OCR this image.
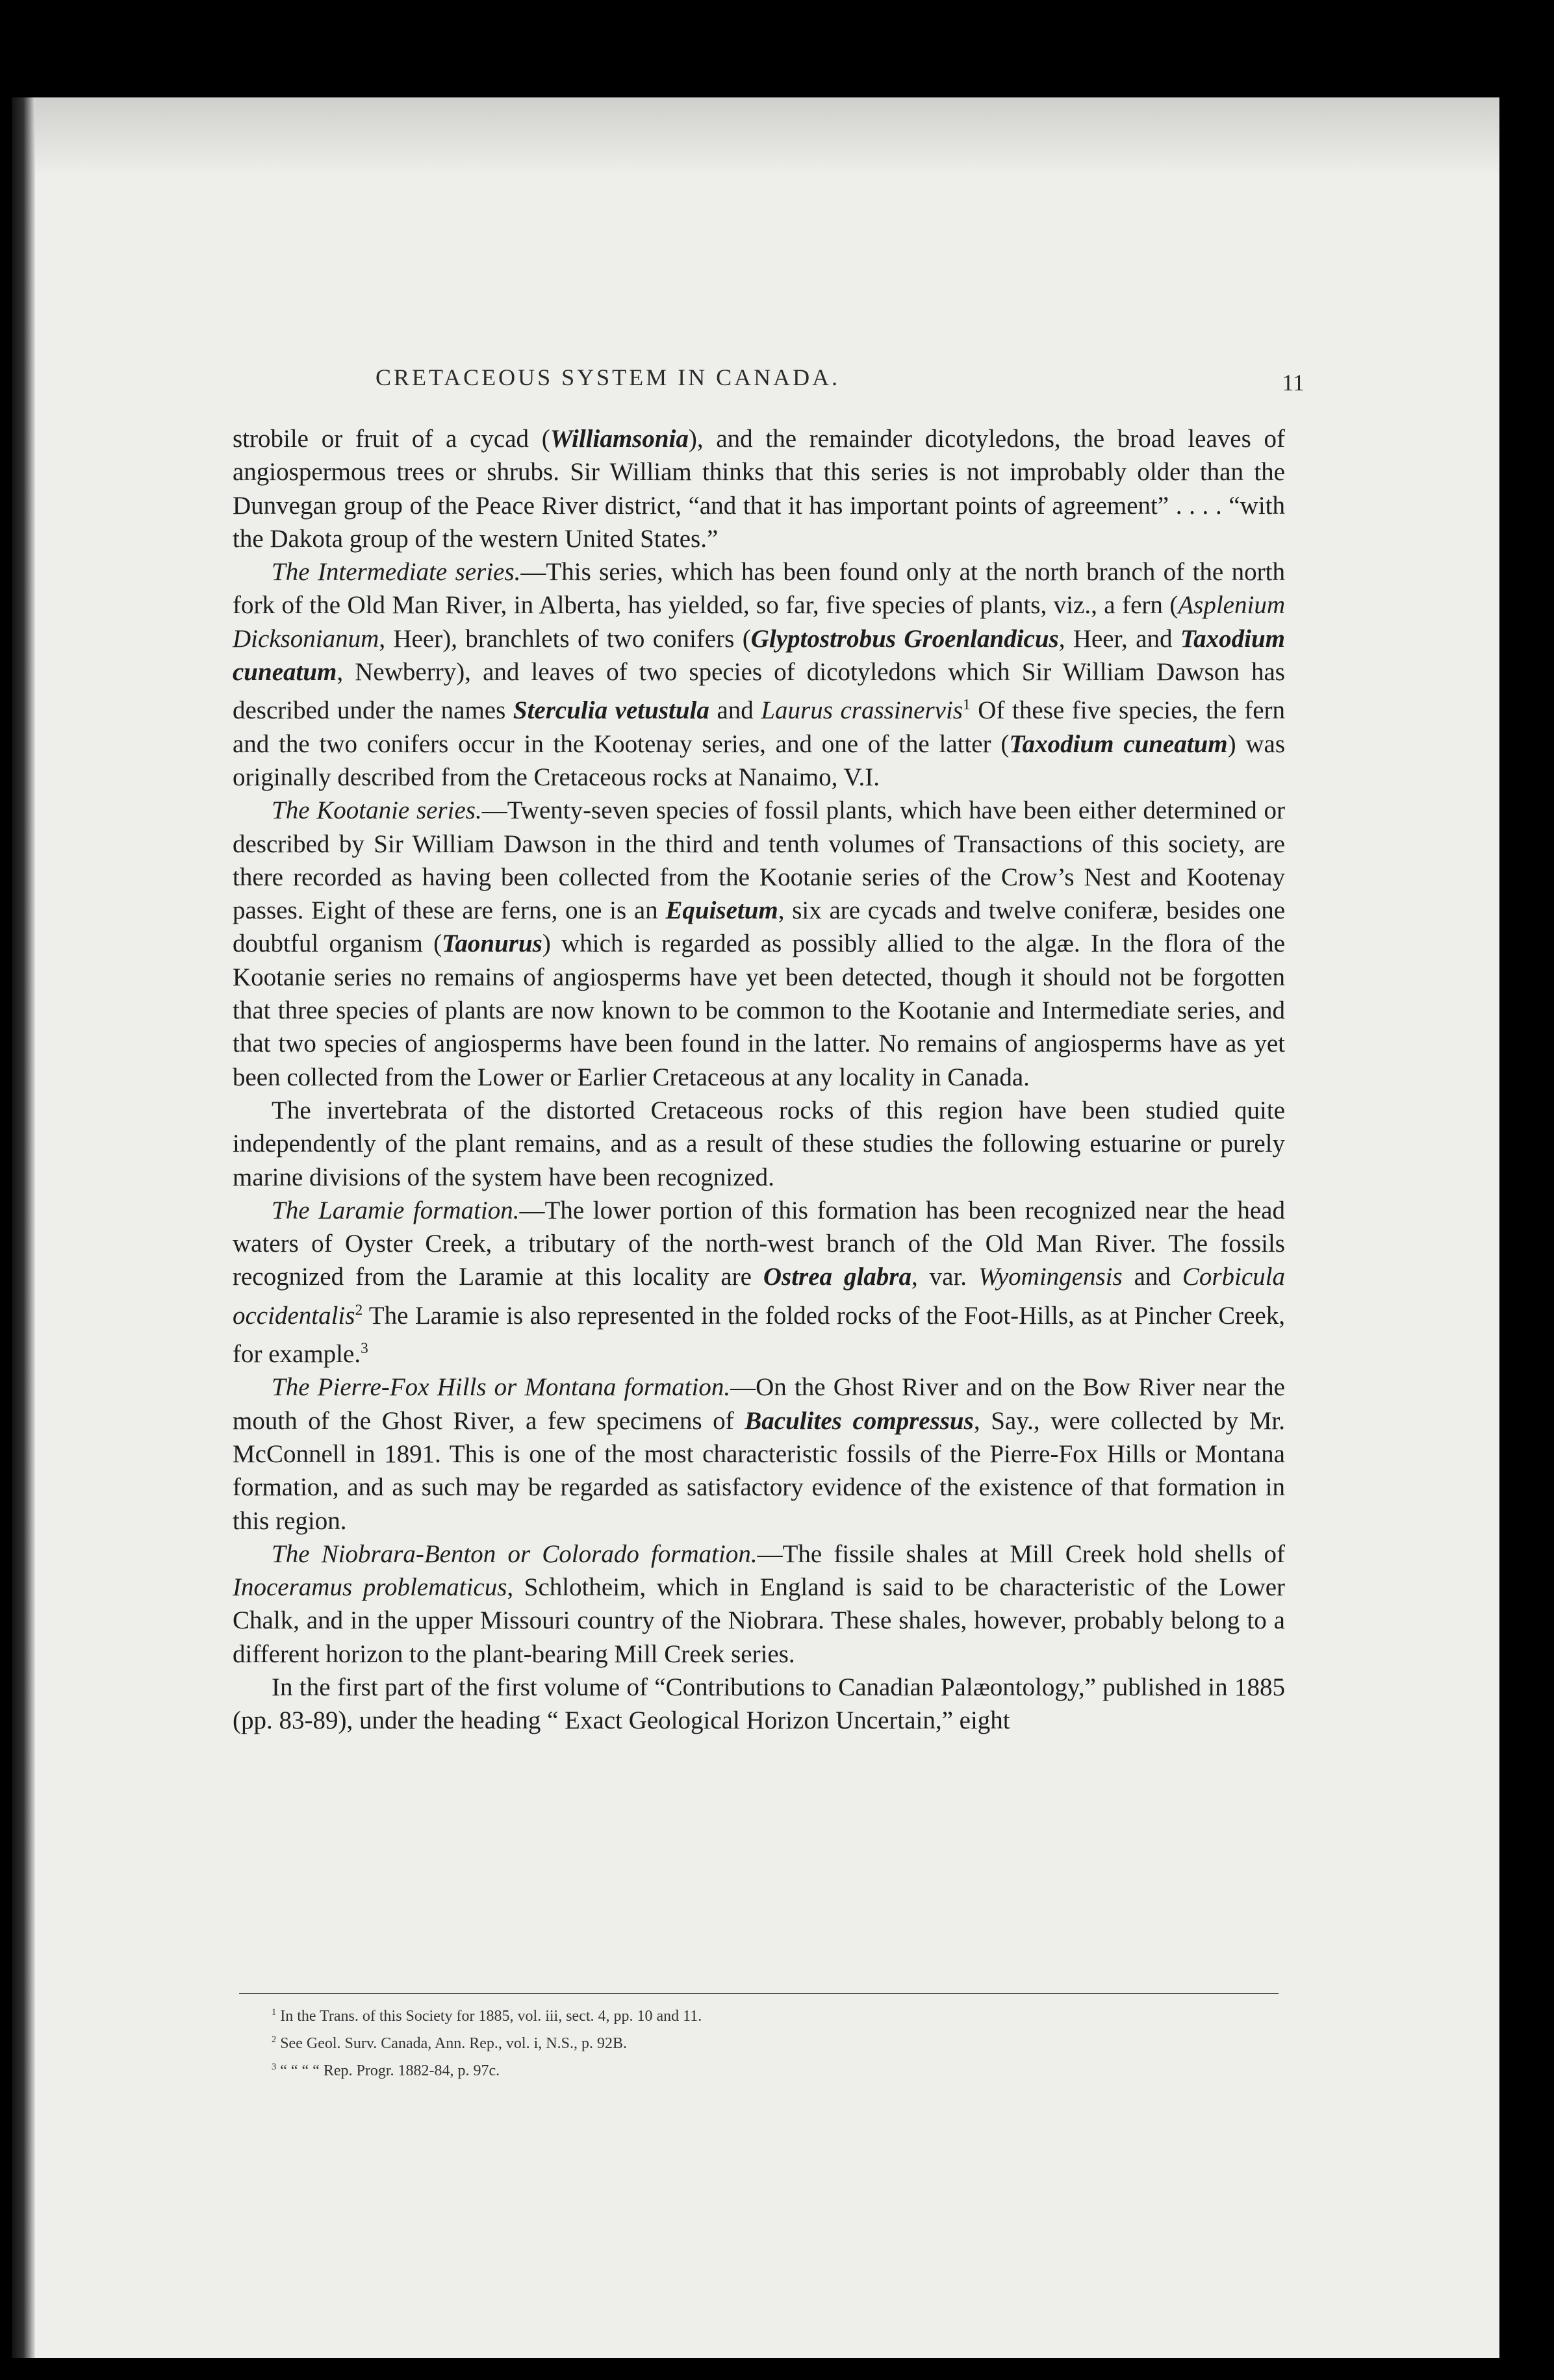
CRETACEOUS SYSTEM IN CANADA.	11

strobile or fruit of a cycad (Williamsonia), and the remainder dicotyledons, the broad leaves of angiospermous trees or shrubs. Sir William thinks that this series is not improbably older than the Dunvegan group of the Peace River district, “and that it has important points of agreement” . . . . “with the Dakota group of the western United States.”

The Intermediate series.—This series, which has been found only at the north branch of the north fork of the Old Man River, in Alberta, has yielded, so far, five species of plants, viz., a fern (Asplenium Dicksonianum, Heer), branchlets of two conifers (Glyptostrobus Groenlandicus, Heer, and Taxodium cuneatum, Newberry), and leaves of two species of dicotyledons which Sir William Dawson has described under the names Sterculia vetustula and Laurus crassinervis$^1$ Of these five species, the fern and the two conifers occur in the Kootenay series, and one of the latter (Taxodium cuneatum) was originally described from the Cretaceous rocks at Nanaimo, V.I.

The Kootanie series.—Twenty-seven species of fossil plants, which have been either determined or described by Sir William Dawson in the third and tenth volumes of Transactions of this society, are there recorded as having been collected from the Kootanie series of the Crow’s Nest and Kootenay passes. Eight of these are ferns, one is an Equisetum, six are cycads and twelve coniferæ, besides one doubtful organism (Taonurus) which is regarded as possibly allied to the algæ. In the flora of the Kootanie series no remains of angiosperms have yet been detected, though it should not be forgotten that three species of plants are now known to be common to the Kootanie and Intermediate series, and that two species of angiosperms have been found in the latter. No remains of angiosperms have as yet been collected from the Lower or Earlier Cretaceous at any locality in Canada.

The invertebrata of the distorted Cretaceous rocks of this region have been studied quite independently of the plant remains, and as a result of these studies the following estuarine or purely marine divisions of the system have been recognized.

The Laramie formation.—The lower portion of this formation has been recognized near the head waters of Oyster Creek, a tributary of the north-west branch of the Old Man River. The fossils recognized from the Laramie at this locality are Ostrea glabra, var. Wyomingensis and Corbicula occidentalis$^2$ The Laramie is also represented in the folded rocks of the Foot-Hills, as at Pincher Creek, for example.$^3$

The Pierre-Fox Hills or Montana formation.—On the Ghost River and on the Bow River near the mouth of the Ghost River, a few specimens of Baculites compressus, Say., were collected by Mr. McConnell in 1891. This is one of the most characteristic fossils of the Pierre-Fox Hills or Montana formation, and as such may be regarded as satisfactory evidence of the existence of that formation in this region.

The Niobrara-Benton or Colorado formation.—The fissile shales at Mill Creek hold shells of Inoceramus problematicus, Schlotheim, which in England is said to be characteristic of the Lower Chalk, and in the upper Missouri country of the Niobrara. These shales, however, probably belong to a different horizon to the plant-bearing Mill Creek series.

In the first part of the first volume of “Contributions to Canadian Palæontology,” published in 1885 (pp. 83-89), under the heading “ Exact Geological Horizon Uncertain,” eight

$^1$ In the Trans. of this Society for 1885, vol. iii, sect. 4, pp. 10 and 11.
$^2$ See Geol. Surv. Canada, Ann. Rep., vol. i, N.S., p. 92B.
$^3$ “ “ “ “ Rep. Progr. 1882-84, p. 97c.
